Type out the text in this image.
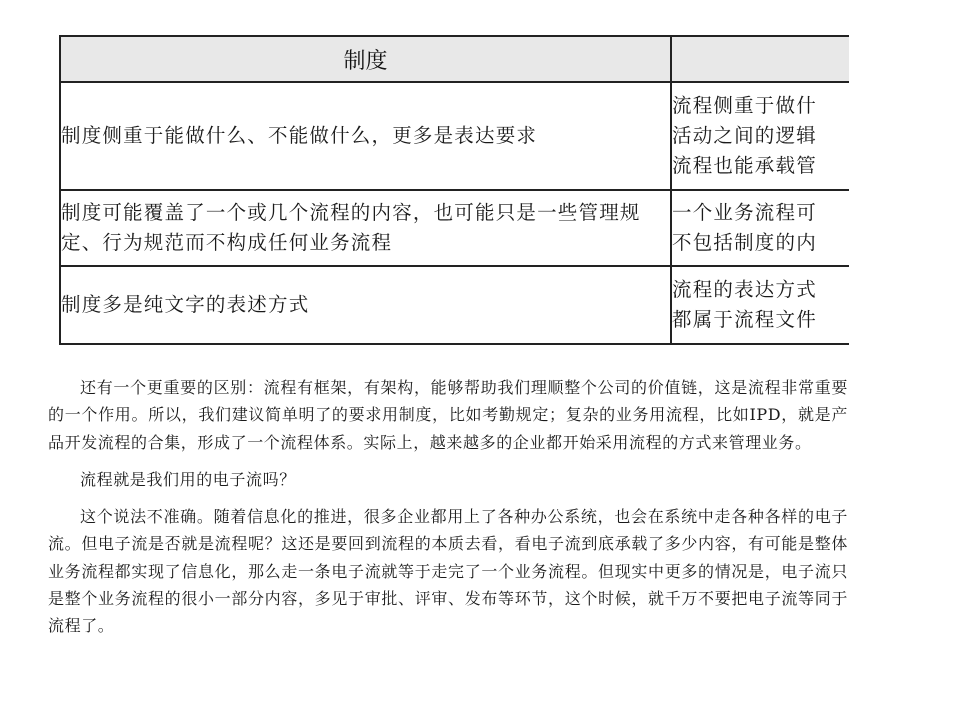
制度	
制度侧重于能做什么、不能做什么，更多是表达要求	流程侧重于做什
活动之间的逻辑
流程也能承载管

制度可能覆盖了一个或几个流程的内容，也可能只是一些管理规定、行为规范而不构成任何业务流程	一个业务流程可
不包括制度的内

制度多是纯文字的表述方式	流程的表达方式
都属于流程文件

还有一个更重要的区别：流程有框架，有架构，能够帮助我们理顺整个公司的价值链，这是流程非常重要的一个作用。所以，我们建议简单明了的要求用制度，比如考勤规定；复杂的业务用流程，比如IPD，就是产品开发流程的合集，形成了一个流程体系。实际上，越来越多的企业都开始采用流程的方式来管理业务。

流程就是我们用的电子流吗？

这个说法不准确。随着信息化的推进，很多企业都用上了各种办公系统，也会在系统中走各种各样的电子流。但电子流是否就是流程呢？这还是要回到流程的本质去看，看电子流到底承载了多少内容，有可能是整体业务流程都实现了信息化，那么走一条电子流就等于走完了一个业务流程。但现实中更多的情况是，电子流只是整个业务流程的很小一部分内容，多见于审批、评审、发布等环节，这个时候，就千万不要把电子流等同于流程了。
